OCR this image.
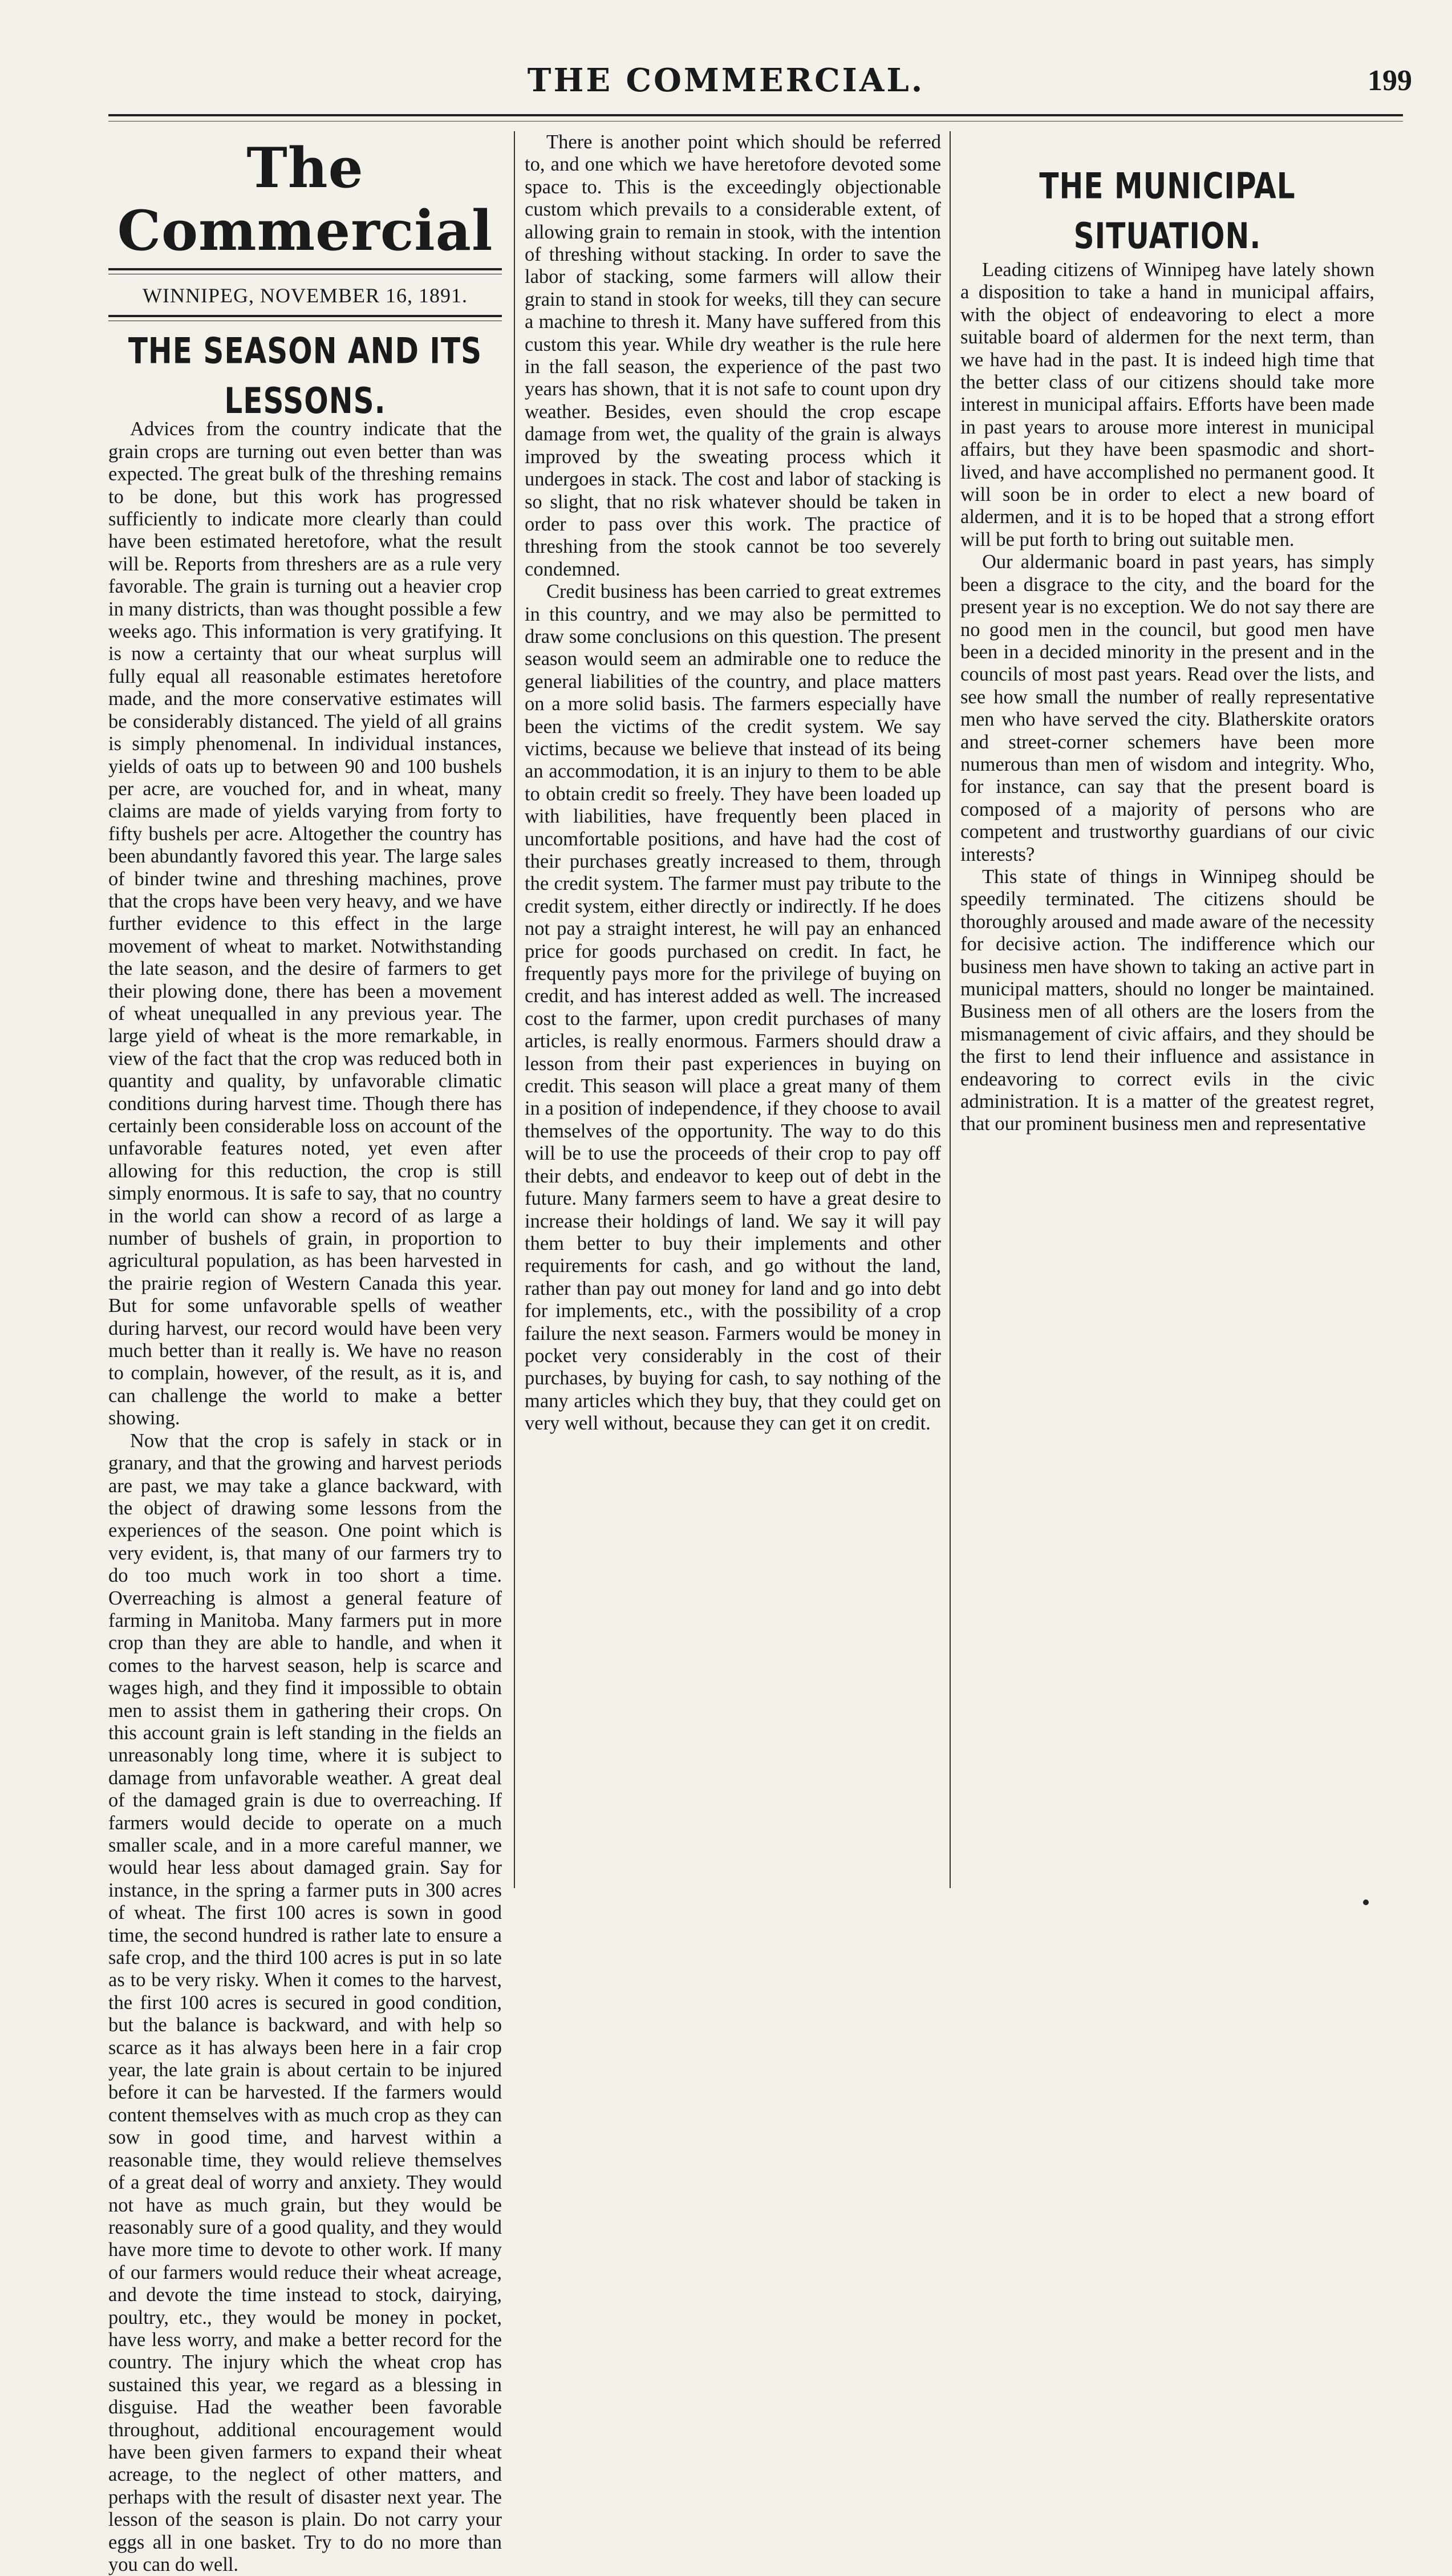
THE COMMERCIAL.	199
The Commercial
WINNIPEG, NOVEMBER 16, 1891.
THE SEASON AND ITS LESSONS.

Advices from the country indicate that the grain crops are turning out even better than was expected. The great bulk of the threshing remains to be done, but this work has progressed sufficiently to indicate more clearly than could have been estimated heretofore, what the result will be. Reports from threshers are as a rule very favorable. The grain is turning out a heavier crop in many districts, than was thought possible a few weeks ago. This information is very gratifying. It is now a certainty that our wheat surplus will fully equal all reasonable estimates heretofore made, and the more conservative estimates will be considerably distanced. The yield of all grains is simply phenomenal. In individual instances, yields of oats up to between 90 and 100 bushels per acre, are vouched for, and in wheat, many claims are made of yields varying from forty to fifty bushels per acre. Altogether the country has been abundantly favored this year. The large sales of binder twine and threshing machines, prove that the crops have been very heavy, and we have further evidence to this effect in the large movement of wheat to market. Notwithstanding the late season, and the desire of farmers to get their plowing done, there has been a movement of wheat unequalled in any previous year. The large yield of wheat is the more remarkable, in view of the fact that the crop was reduced both in quantity and quality, by unfavorable climatic conditions during harvest time. Though there has certainly been considerable loss on account of the unfavorable features noted, yet even after allowing for this reduction, the crop is still simply enormous. It is safe to say, that no country in the world can show a record of as large a number of bushels of grain, in proportion to agricultural population, as has been harvested in the prairie region of Western Canada this year. But for some unfavorable spells of weather during harvest, our record would have been very much better than it really is. We have no reason to complain, however, of the result, as it is, and can challenge the world to make a better showing.

Now that the crop is safely in stack or in granary, and that the growing and harvest periods are past, we may take a glance backward, with the object of drawing some lessons from the experiences of the season. One point which is very evident, is, that many of our farmers try to do too much work in too short a time. Overreaching is almost a general feature of farming in Manitoba. Many farmers put in more crop than they are able to handle, and when it comes to the harvest season, help is scarce and wages high, and they find it impossible to obtain men to assist them in gathering their crops. On this account grain is left standing in the fields an unreasonably long time, where it is subject to damage from unfavorable weather. A great deal of the damaged grain is due to overreaching. If farmers would decide to operate on a much smaller scale, and in a more careful manner, we would hear less about damaged grain. Say for instance, in the spring a farmer puts in 300 acres of wheat. The first 100 acres is sown in good time, the second hundred is rather late to ensure a safe crop, and the third 100 acres is put in so late as to be very risky. When it comes to the harvest, the first 100 acres is secured in good condition, but the balance is backward, and with help so scarce as it has always been here in a fair crop year, the late grain is about certain to be injured before it can be harvested. If the farmers would content themselves with as much crop as they can sow in good time, and harvest within a reasonable time, they would relieve themselves of a great deal of worry and anxiety. They would not have as much grain, but they would be reasonably sure of a good quality, and they would have more time to devote to other work. If many of our farmers would reduce their wheat acreage, and devote the time instead to stock, dairying, poultry, etc., they would be money in pocket, have less worry, and make a better record for the country. The injury which the wheat crop has sustained this year, we regard as a blessing in disguise. Had the weather been favorable throughout, additional encouragement would have been given farmers to expand their wheat acreage, to the neglect of other matters, and perhaps with the result of disaster next year. The lesson of the season is plain. Do not carry your eggs all in one basket. Try to do no more than you can do well.

There is another point which should be referred to, and one which we have heretofore devoted some space to. This is the exceedingly objectionable custom which prevails to a considerable extent, of allowing grain to remain in stook, with the intention of threshing without stacking. In order to save the labor of stacking, some farmers will allow their grain to stand in stook for weeks, till they can secure a machine to thresh it. Many have suffered from this custom this year. While dry weather is the rule here in the fall season, the experience of the past two years has shown, that it is not safe to count upon dry weather. Besides, even should the crop escape damage from wet, the quality of the grain is always improved by the sweating process which it undergoes in stack. The cost and labor of stacking is so slight, that no risk whatever should be taken in order to pass over this work. The practice of threshing from the stook cannot be too severely condemned.

Credit business has been carried to great extremes in this country, and we may also be permitted to draw some conclusions on this question. The present season would seem an admirable one to reduce the general liabilities of the country, and place matters on a more solid basis. The farmers especially have been the victims of the credit system. We say victims, because we believe that instead of its being an accommodation, it is an injury to them to be able to obtain credit so freely. They have been loaded up with liabilities, have frequently been placed in uncomfortable positions, and have had the cost of their purchases greatly increased to them, through the credit system. The farmer must pay tribute to the credit system, either directly or indirectly. If he does not pay a straight interest, he will pay an enhanced price for goods purchased on credit. In fact, he frequently pays more for the privilege of buying on credit, and has interest added as well. The increased cost to the farmer, upon credit purchases of many articles, is really enormous. Farmers should draw a lesson from their past experiences in buying on credit. This season will place a great many of them in a position of independence, if they choose to avail themselves of the opportunity. The way to do this will be to use the proceeds of their crop to pay off their debts, and endeavor to keep out of debt in the future. Many farmers seem to have a great desire to increase their holdings of land. We say it will pay them better to buy their implements and other requirements for cash, and go without the land, rather than pay out money for land and go into debt for implements, etc., with the possibility of a crop failure the next season. Farmers would be money in pocket very considerably in the cost of their purchases, by buying for cash, to say nothing of the many articles which they buy, that they could get on very well without, because they can get it on credit.

THE MUNICIPAL SITUATION.

Leading citizens of Winnipeg have lately shown a disposition to take a hand in municipal affairs, with the object of endeavoring to elect a more suitable board of aldermen for the next term, than we have had in the past. It is indeed high time that the better class of our citizens should take more interest in municipal affairs. Efforts have been made in past years to arouse more interest in municipal affairs, but they have been spasmodic and short-lived, and have accomplished no permanent good. It will soon be in order to elect a new board of aldermen, and it is to be hoped that a strong effort will be put forth to bring out suitable men.

Our aldermanic board in past years, has simply been a disgrace to the city, and the board for the present year is no exception. We do not say there are no good men in the council, but good men have been in a decided minority in the present and in the councils of most past years. Read over the lists, and see how small the number of really representative men who have served the city. Blatherskite orators and street-corner schemers have been more numerous than men of wisdom and integrity. Who, for instance, can say that the present board is composed of a majority of persons who are competent and trustworthy guardians of our civic interests?

This state of things in Winnipeg should be speedily terminated. The citizens should be thoroughly aroused and made aware of the necessity for decisive action. The indifference which our business men have shown to taking an active part in municipal matters, should no longer be maintained. Business men of all others are the losers from the mismanagement of civic affairs, and they should be the first to lend their influence and assistance in endeavoring to correct evils in the civic administration. It is a matter of the greatest regret, that our prominent business men and representative
